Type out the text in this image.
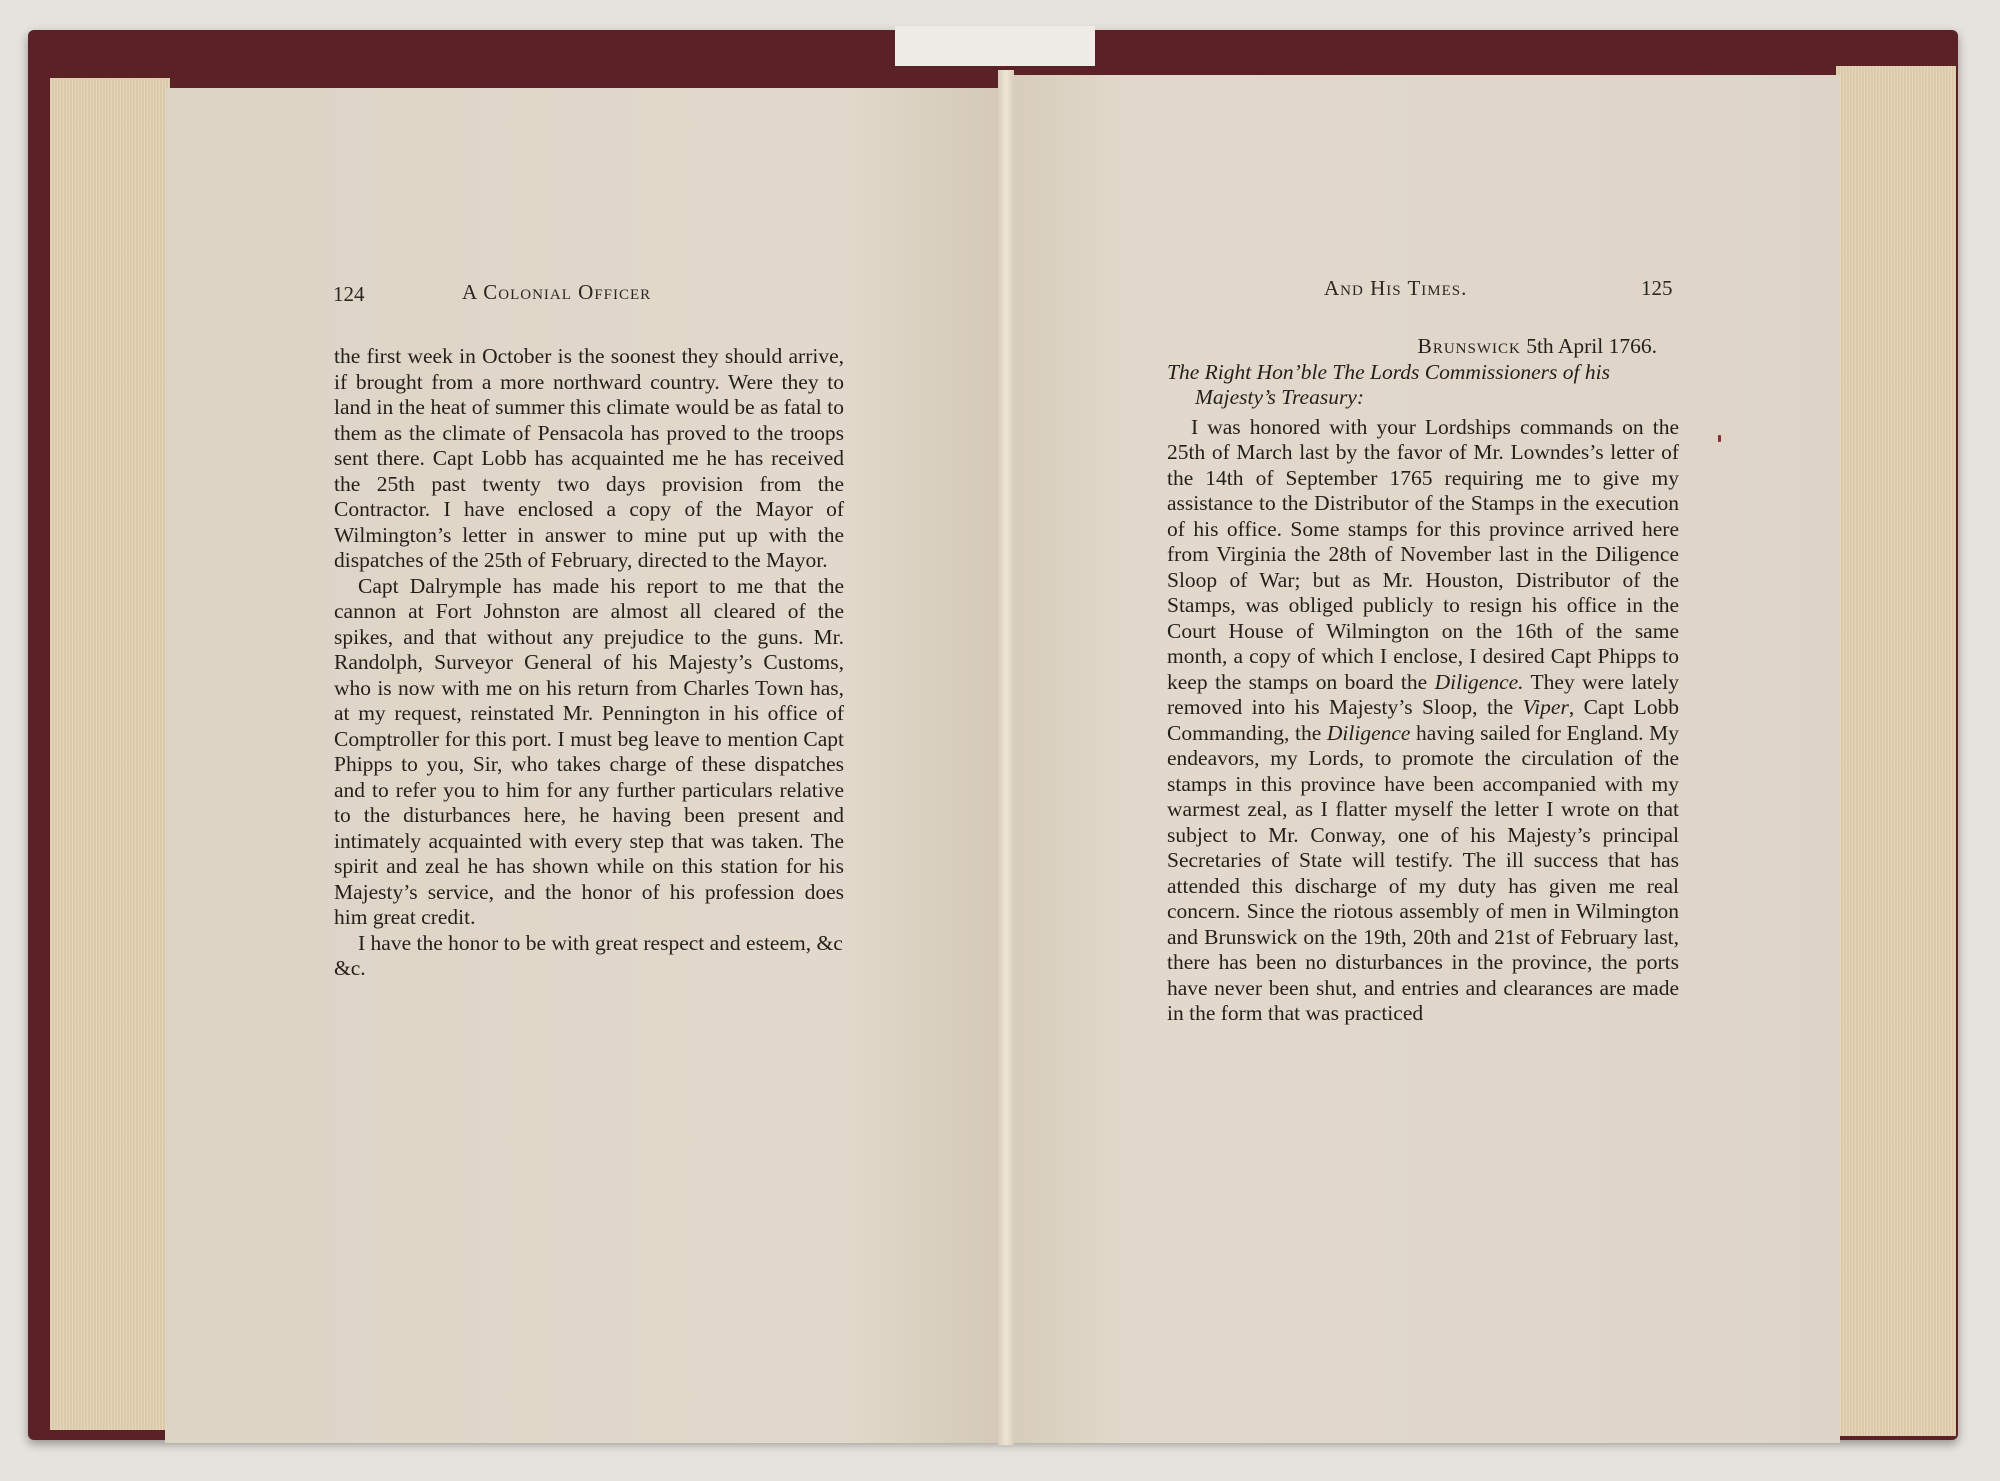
124	A Colonial Officer

the first week in October is the soonest they should arrive, if brought from a more northward country. Were they to land in the heat of summer this climate would be as fatal to them as the climate of Pensacola has proved to the troops sent there. Capt Lobb has acquainted me he has received the 25th past twenty two days provision from the Contractor. I have enclosed a copy of the Mayor of Wilmington’s letter in answer to mine put up with the dispatches of the 25th of February, directed to the Mayor.

Capt Dalrymple has made his report to me that the cannon at Fort Johnston are almost all cleared of the spikes, and that without any prejudice to the guns. Mr. Randolph, Surveyor General of his Majesty’s Customs, who is now with me on his return from Charles Town has, at my request, reinstated Mr. Pennington in his office of Comptroller for this port. I must beg leave to mention Capt Phipps to you, Sir, who takes charge of these dispatches and to refer you to him for any further particulars relative to the disturbances here, he having been present and intimately acquainted with every step that was taken. The spirit and zeal he has shown while on this station for his Majesty’s service, and the honor of his profession does him great credit.

I have the honor to be with great respect and esteem, &c &c.

And His Times.	125

Brunswick 5th April 1766.

The Right Hon’ble The Lords Commissioners of his Majesty’s Treasury:

I was honored with your Lordships commands on the 25th of March last by the favor of Mr. Lowndes’s letter of the 14th of September 1765 requiring me to give my assistance to the Distributor of the Stamps in the execution of his office. Some stamps for this province arrived here from Virginia the 28th of November last in the Diligence Sloop of War; but as Mr. Houston, Distributor of the Stamps, was obliged publicly to resign his office in the Court House of Wilmington on the 16th of the same month, a copy of which I enclose, I desired Capt Phipps to keep the stamps on board the Diligence. They were lately removed into his Majesty’s Sloop, the Viper, Capt Lobb Commanding, the Diligence having sailed for England. My endeavors, my Lords, to promote the circulation of the stamps in this province have been accompanied with my warmest zeal, as I flatter myself the letter I wrote on that subject to Mr. Conway, one of his Majesty’s principal Secretaries of State will testify. The ill success that has attended this discharge of my duty has given me real concern. Since the riotous assembly of men in Wilmington and Brunswick on the 19th, 20th and 21st of February last, there has been no disturbances in the province, the ports have never been shut, and entries and clearances are made in the form that was practiced
